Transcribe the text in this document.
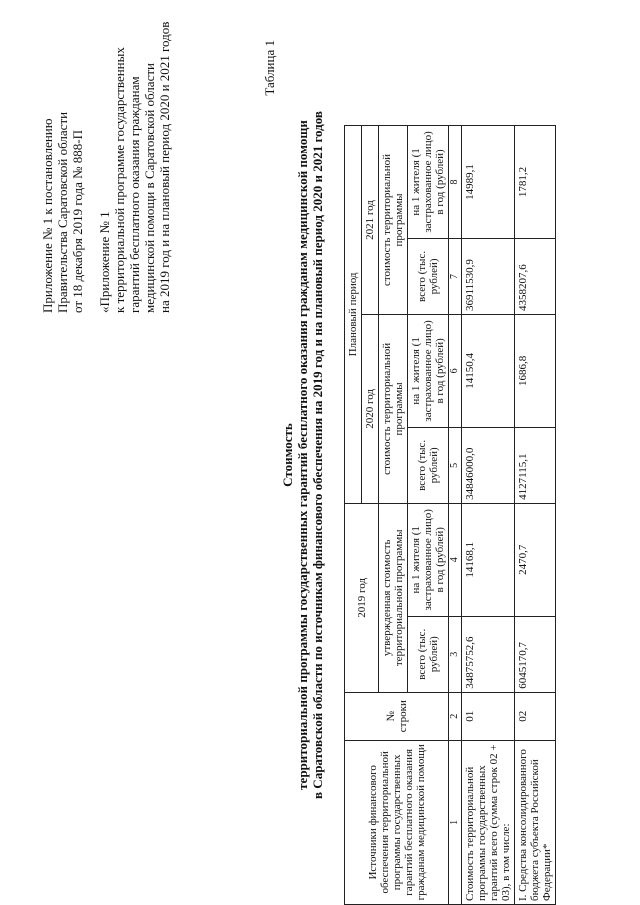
Приложение № 1 к постановлению Правительства Саратовской области от 18 декабря 2019 года № 888-П «Приложение № 1 к территориальной программе государственных гарантий бесплатного оказания гражданам медицинской помощи в Саратовской области на 2019 год и на плановый период 2020 и 2021 годов	Таблица 1
Стоимость территориальной программы государственных гарантий бесплатного оказания гражданам медицинской помощи в Саратовской области по источникам финансового обеспечения на 2019 год и на плановый период 2020 и 2021 годов
Источники финансового обеспечения территориальной программы государственных гарантий бесплатного оказания гражданам медицинской помощи	№ строки	2019 год		Плановый период			
				2020 год		2021 год	
		утвержденная стоимость территориальной программы		стоимость территориальной программы		стоимость территориальной программы	
		всего (тыс. рублей)	на 1 жителя (1 застрахованное лицо) в год (рублей)	всего (тыс. рублей)	на 1 жителя (1 застрахованное лицо) в год (рублей)	всего (тыс. рублей)	на 1 жителя (1 застрахованное лицо) в год (рублей)
1	2	3	4	5	6	7	8
Стоимость территориальной программы государственных гарантий всего (сумма строк 02 + 03), в том числе:	01	34875752,6	14168,1	34846000,0	14150,4	36911530,9	14989,1
I. Средства консолидированного бюджета субъекта Российской Федерации*	02	6045170,7	2470,7	4127115,1	1686,8	4358207,6	1781,2
